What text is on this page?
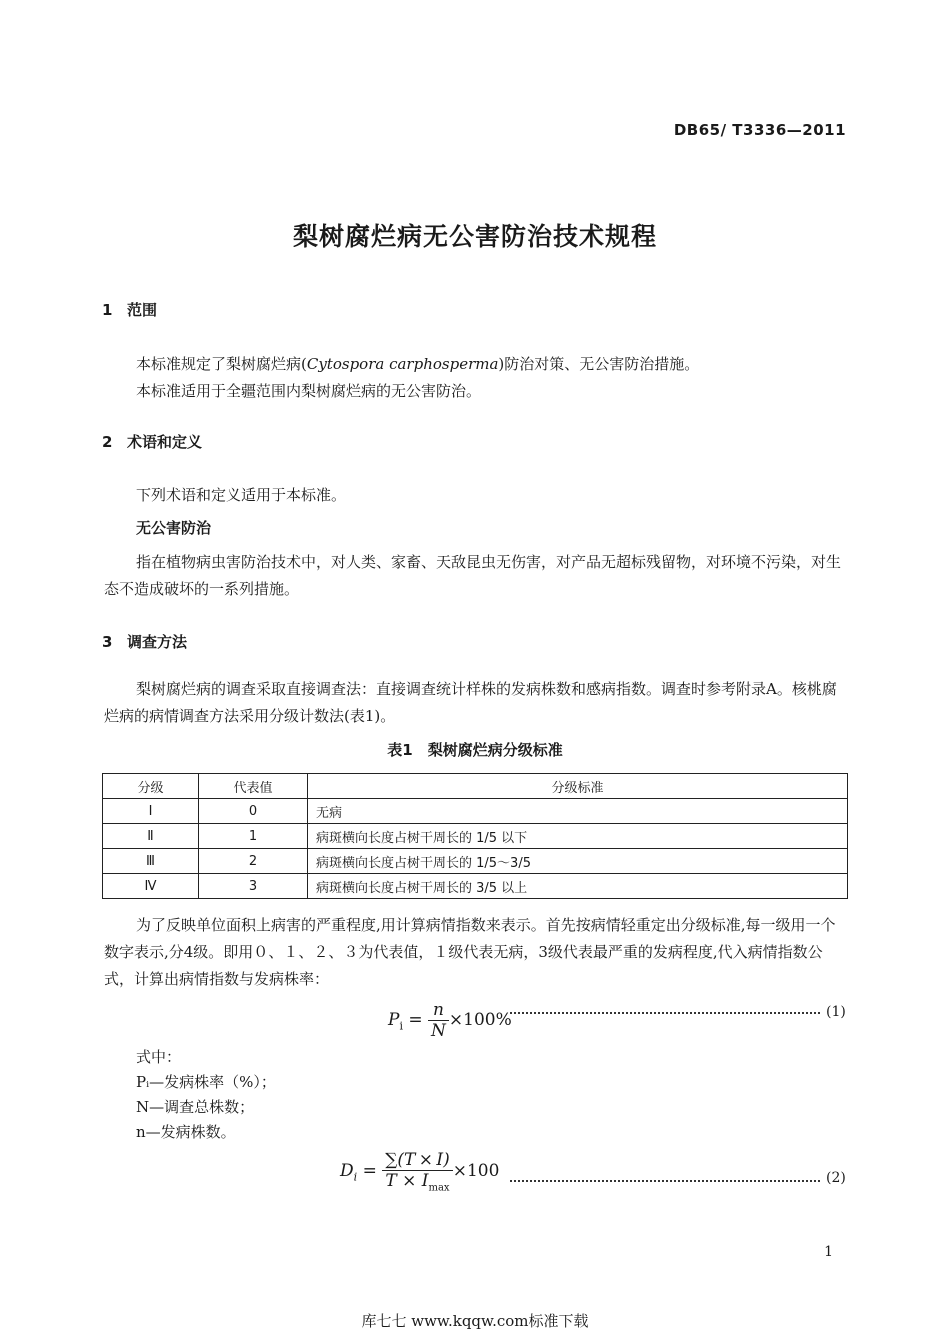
DB65/ T3336—2011
梨树腐烂病无公害防治技术规程
1 范围
本标准规定了梨树腐烂病(Cytospora carphosperma)防治对策、无公害防治措施。
本标准适用于全疆范围内梨树腐烂病的无公害防治。
2 术语和定义
下列术语和定义适用于本标准。
无公害防治
指在植物病虫害防治技术中，对人类、家畜、天敌昆虫无伤害，对产品无超标残留物，对环境不污染，对生态不造成破坏的一系列措施。
3 调查方法
梨树腐烂病的调查采取直接调查法：直接调查统计样株的发病株数和感病指数。调查时参考附录A。核桃腐烂病的病情调查方法采用分级计数法(表1)。
表1　梨树腐烂病分级标准
分级	代表值	分级标准
Ⅰ	0	无病
Ⅱ	1	病斑横向长度占树干周长的 1/5 以下
Ⅲ	2	病斑横向长度占树干周长的 1/5～3/5
Ⅳ	3	病斑横向长度占树干周长的 3/5 以上
为了反映单位面积上病害的严重程度,用计算病情指数来表示。首先按病情轻重定出分级标准,每一级用一个数字表示,分4级。即用０、１、２、３为代表值，１级代表无病，3级代表最严重的发病程度,代入病情指数公式，计算出病情指数与发病株率：
$P_i = \frac{n}{N} \times 100\%$	(1)
式中：
Pᵢ—发病株率（%）；
N—调查总株数；
n—发病株数。
$D_i = \frac{\sum(T \times I)}{T \times I_{max}} \times 100$	(2)
1
库七七 www.kqqw.com标准下载
